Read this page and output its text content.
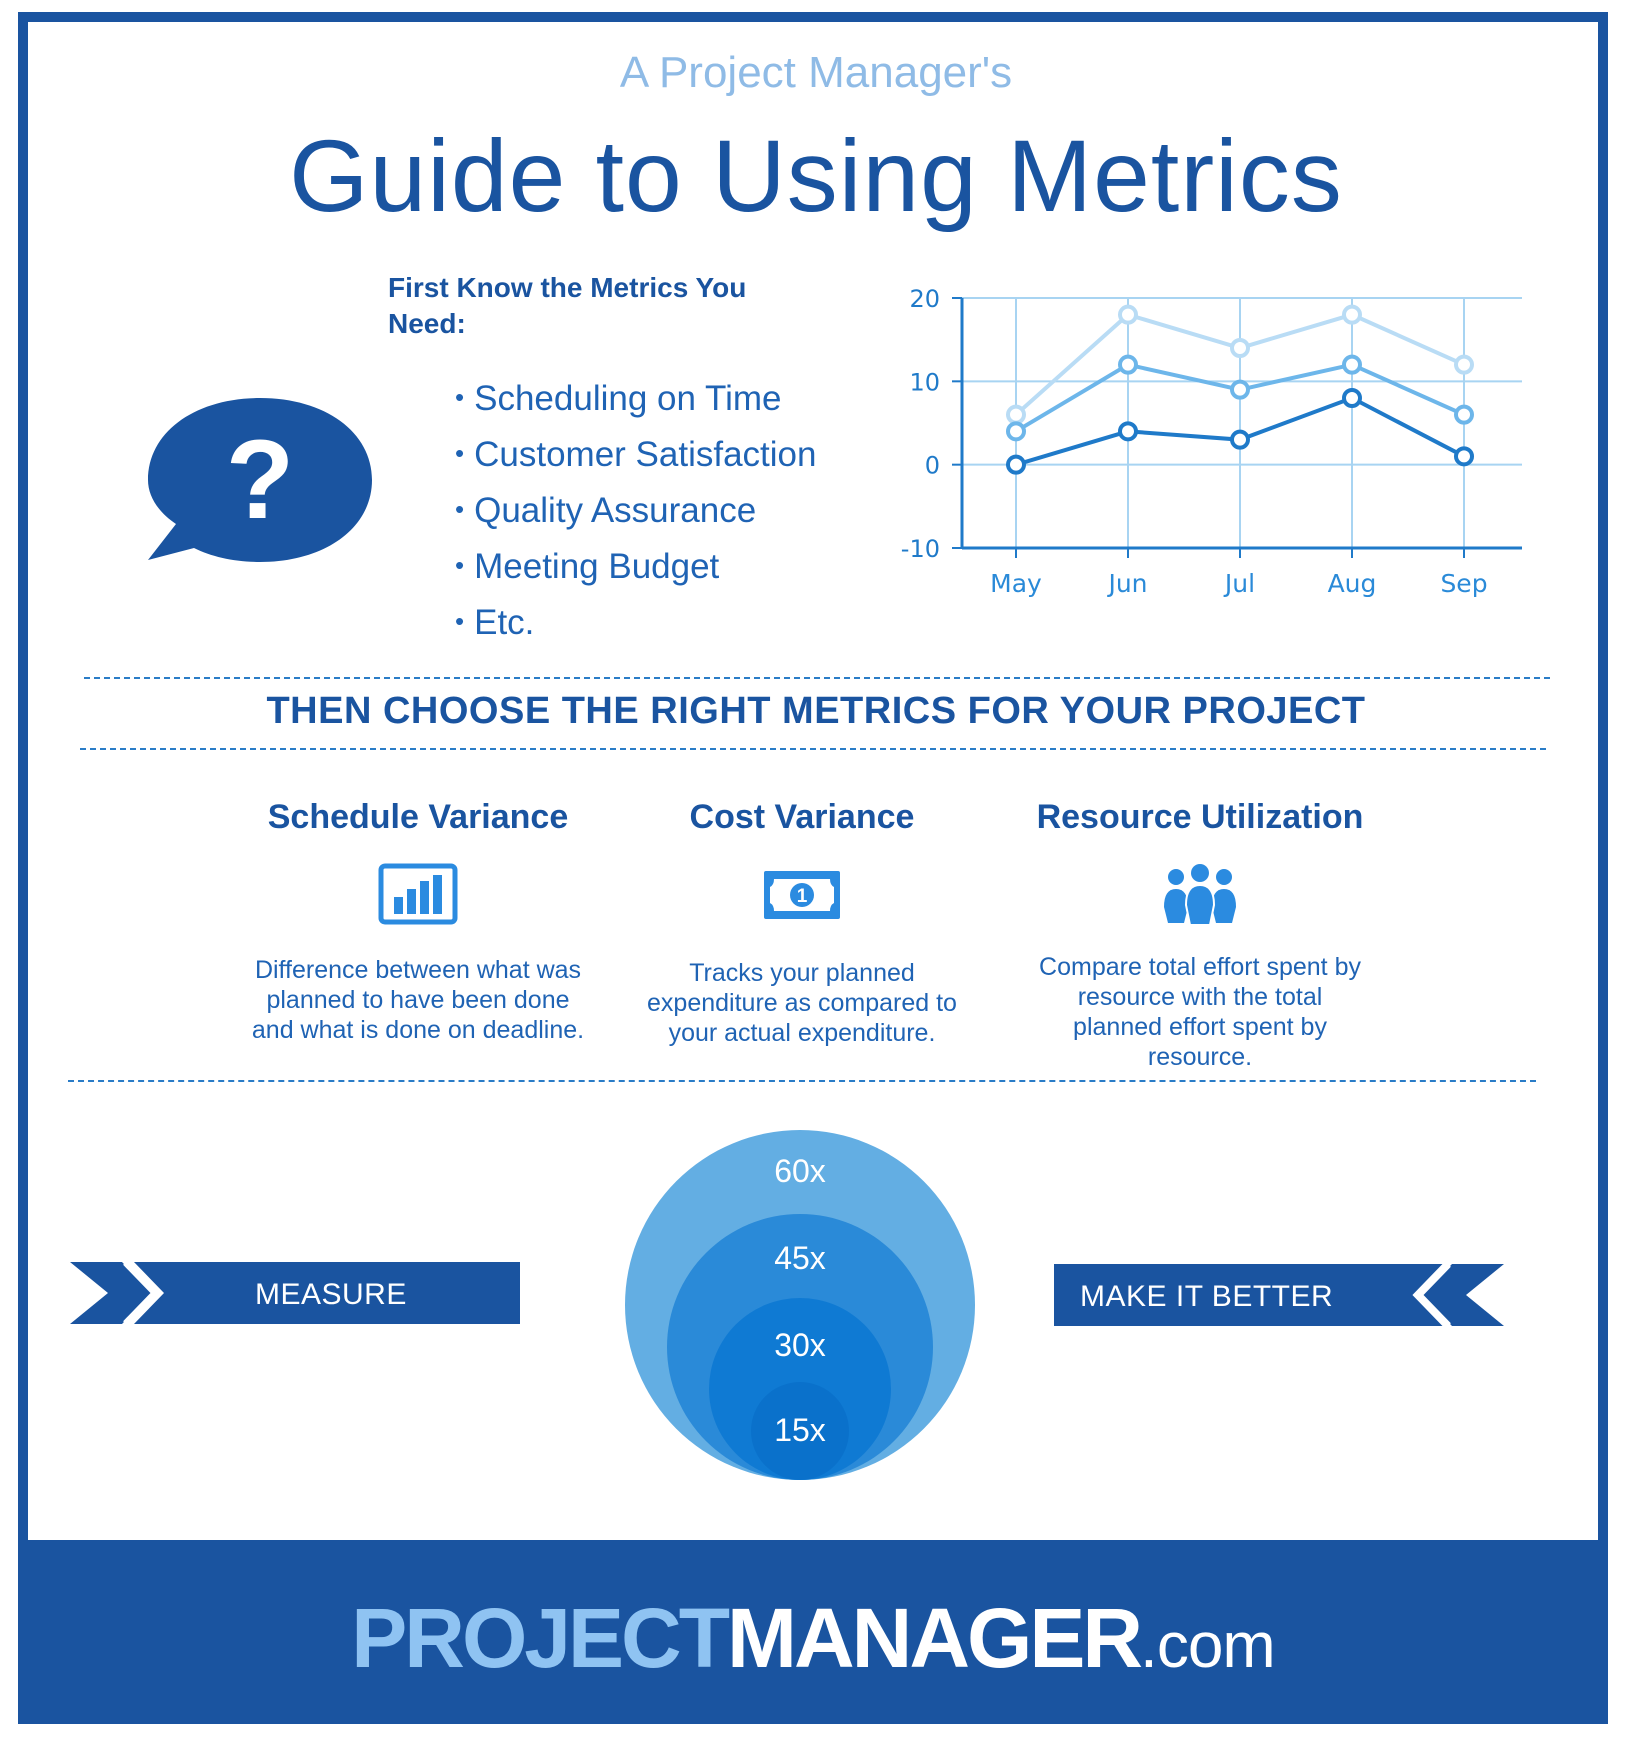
A Project Manager's
Guide to Using Metrics
?
First Know the Metrics You Need:
• Scheduling on Time
• Customer Satisfaction
• Quality Assurance
• Meeting Budget
• Etc.
20
10
0
-10
May	Jun	Jul	Aug	Sep
THEN CHOOSE THE RIGHT METRICS FOR YOUR PROJECT
Schedule Variance
Difference between what was
planned to have been done
and what is done on deadline.
Cost Variance
1
Tracks your planned
expenditure as compared to
your actual expenditure.
Resource Utilization
Compare total effort spent by
resource with the total
planned effort spent by
resource.
MEASURE	MAKE IT BETTER
60x
45x
30x
15x
PROJECTMANAGER.com
